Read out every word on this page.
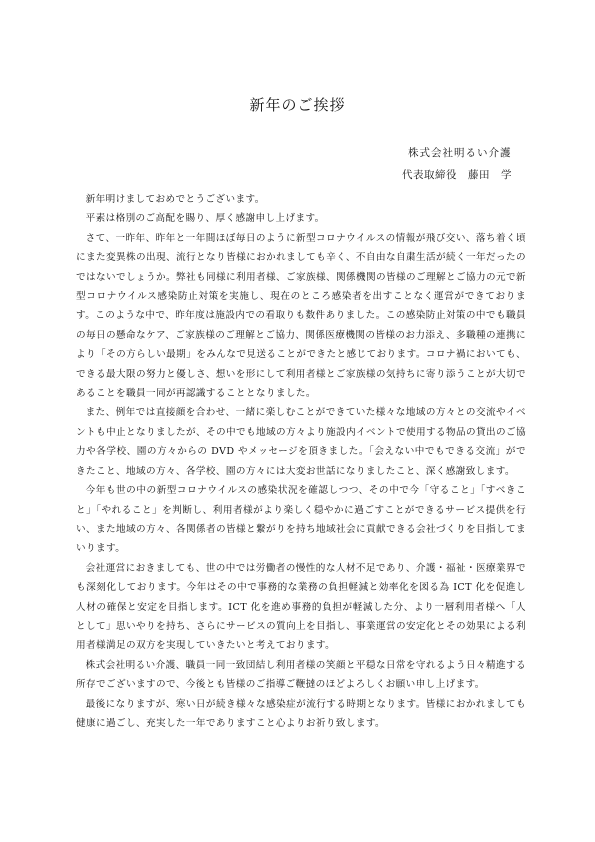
新年のご挨拶
株式会社明るい介護
代表取締役　藤田　学

新年明けましておめでとうございます。

平素は格別のご高配を賜り、厚く感謝申し上げます。

さて、一昨年、昨年と一年間ほぼ毎日のように新型コロナウイルスの情報が飛び交い、落ち着く頃にまた変異株の出現、流行となり皆様におかれましても辛く、不自由な自粛生活が続く一年だったのではないでしょうか。弊社も同様に利用者様、ご家族様、関係機関の皆様のご理解とご協力の元で新型コロナウイルス感染防止対策を実施し、現在のところ感染者を出すことなく運営ができております。このような中で、昨年度は施設内での看取りも数件ありました。この感染防止対策の中でも職員の毎日の懸命なケア、ご家族様のご理解とご協力、関係医療機関の皆様のお力添え、多職種の連携により「その方らしい最期」をみんなで見送ることができたと感じております。コロナ禍においても、できる最大限の努力と優しさ、想いを形にして利用者様とご家族様の気持ちに寄り添うことが大切であることを職員一同が再認識することとなりました。

また、例年では直接顔を合わせ、一緒に楽しむことができていた様々な地域の方々との交流やイベントも中止となりましたが、その中でも地域の方々より施設内イベントで使用する物品の貸出のご協力や各学校、園の方々からの DVD やメッセージを頂きました。「会えない中でもできる交流」ができたこと、地域の方々、各学校、園の方々には大変お世話になりましたこと、深く感謝致します。

今年も世の中の新型コロナウイルスの感染状況を確認しつつ、その中で今「守ること」「すべきこと」「やれること」を判断し、利用者様がより楽しく穏やかに過ごすことができるサービス提供を行い、また地域の方々、各関係者の皆様と繋がりを持ち地域社会に貢献できる会社づくりを目指してまいります。

会社運営におきましても、世の中では労働者の慢性的な人材不足であり、介護・福祉・医療業界でも深刻化しております。今年はその中で事務的な業務の負担軽減と効率化を図る為 ICT 化を促進し人材の確保と安定を目指します。ICT 化を進め事務的負担が軽減した分、より一層利用者様へ「人として」思いやりを持ち、さらにサービスの質向上を目指し、事業運営の安定化とその効果による利用者様満足の双方を実現していきたいと考えております。

株式会社明るい介護、職員一同一致団結し利用者様の笑顔と平穏な日常を守れるよう日々精進する所存でございますので、今後とも皆様のご指導ご鞭撻のほどよろしくお願い申し上げます。

最後になりますが、寒い日が続き様々な感染症が流行する時期となります。皆様におかれましても健康に過ごし、充実した一年でありますこと心よりお祈り致します。
